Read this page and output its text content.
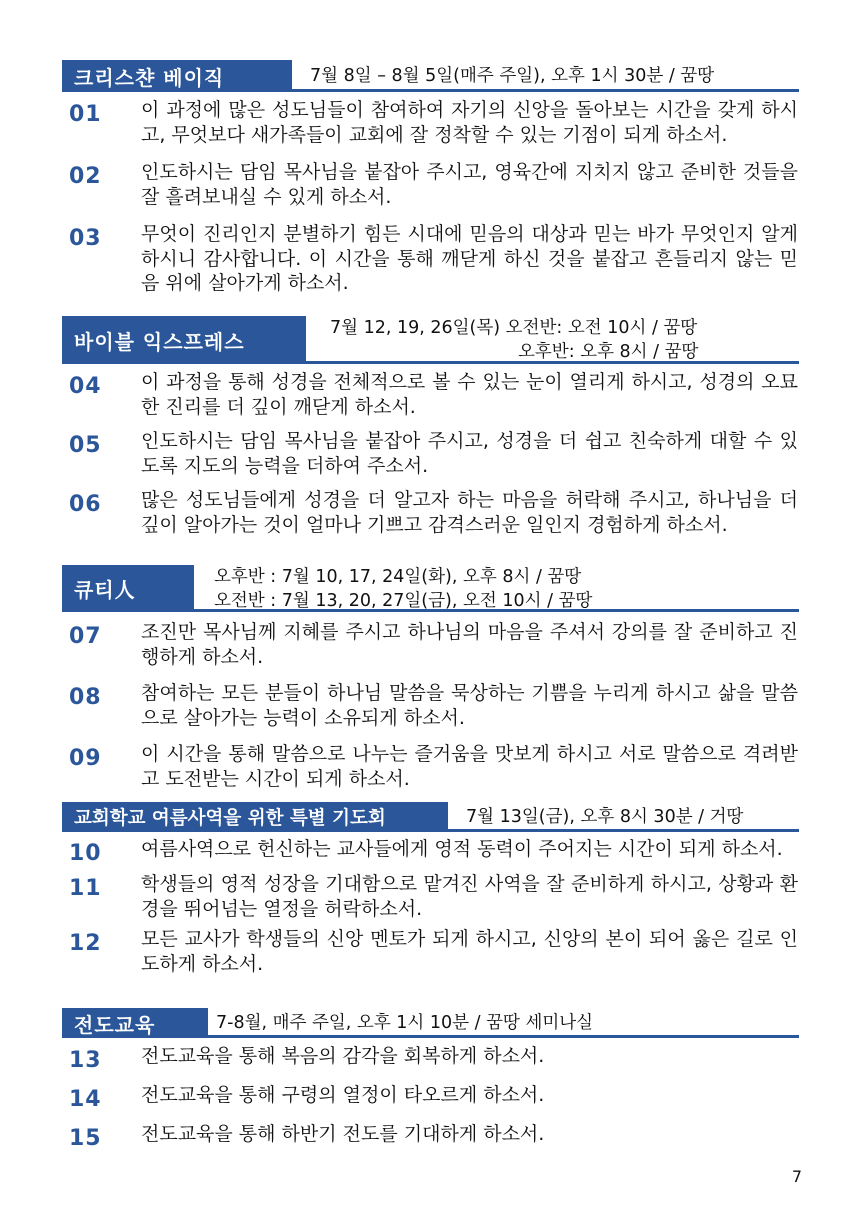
크리스챤 베이직	7월 8일 – 8월 5일(매주 주일), 오후 1시 30분 / 꿈땅
01	이 과정에 많은 성도님들이 참여하여 자기의 신앙을 돌아보는 시간을 갖게 하시고, 무엇보다 새가족들이 교회에 잘 정착할 수 있는 기점이 되게 하소서.
02	인도하시는 담임 목사님을 붙잡아 주시고, 영육간에 지치지 않고 준비한 것들을 잘 흘려보내실 수 있게 하소서.
03	무엇이 진리인지 분별하기 힘든 시대에 믿음의 대상과 믿는 바가 무엇인지 알게 하시니 감사합니다. 이 시간을 통해 깨닫게 하신 것을 붙잡고 흔들리지 않는 믿음 위에 살아가게 하소서.
바이블 익스프레스
7월 12, 19, 26일(목) 오전반: 오전 10시 / 꿈땅
오후반: 오후 8시 / 꿈땅
04	이 과정을 통해 성경을 전체적으로 볼 수 있는 눈이 열리게 하시고, 성경의 오묘한 진리를 더 깊이 깨닫게 하소서.
05	인도하시는 담임 목사님을 붙잡아 주시고, 성경을 더 쉽고 친숙하게 대할 수 있도록 지도의 능력을 더하여 주소서.
06	많은 성도님들에게 성경을 더 알고자 하는 마음을 허락해 주시고, 하나님을 더 깊이 알아가는 것이 얼마나 기쁘고 감격스러운 일인지 경험하게 하소서.
큐티人
오후반 : 7월 10, 17, 24일(화), 오후 8시 / 꿈땅
오전반 : 7월 13, 20, 27일(금), 오전 10시 / 꿈땅
07	조진만 목사님께 지혜를 주시고 하나님의 마음을 주셔서 강의를 잘 준비하고 진행하게 하소서.
08	참여하는 모든 분들이 하나님 말씀을 묵상하는 기쁨을 누리게 하시고 삶을 말씀으로 살아가는 능력이 소유되게 하소서.
09	이 시간을 통해 말씀으로 나누는 즐거움을 맛보게 하시고 서로 말씀으로 격려받고 도전받는 시간이 되게 하소서.
교회학교 여름사역을 위한 특별 기도회	7월 13일(금), 오후 8시 30분 / 거땅
10	여름사역으로 헌신하는 교사들에게 영적 동력이 주어지는 시간이 되게 하소서.
11	학생들의 영적 성장을 기대함으로 맡겨진 사역을 잘 준비하게 하시고, 상황과 환경을 뛰어넘는 열정을 허락하소서.
12	모든 교사가 학생들의 신앙 멘토가 되게 하시고, 신앙의 본이 되어 옳은 길로 인도하게 하소서.
전도교육	7-8월, 매주 주일, 오후 1시 10분 / 꿈땅 세미나실
13	전도교육을 통해 복음의 감각을 회복하게 하소서.
14	전도교육을 통해 구령의 열정이 타오르게 하소서.
15	전도교육을 통해 하반기 전도를 기대하게 하소서.
7
